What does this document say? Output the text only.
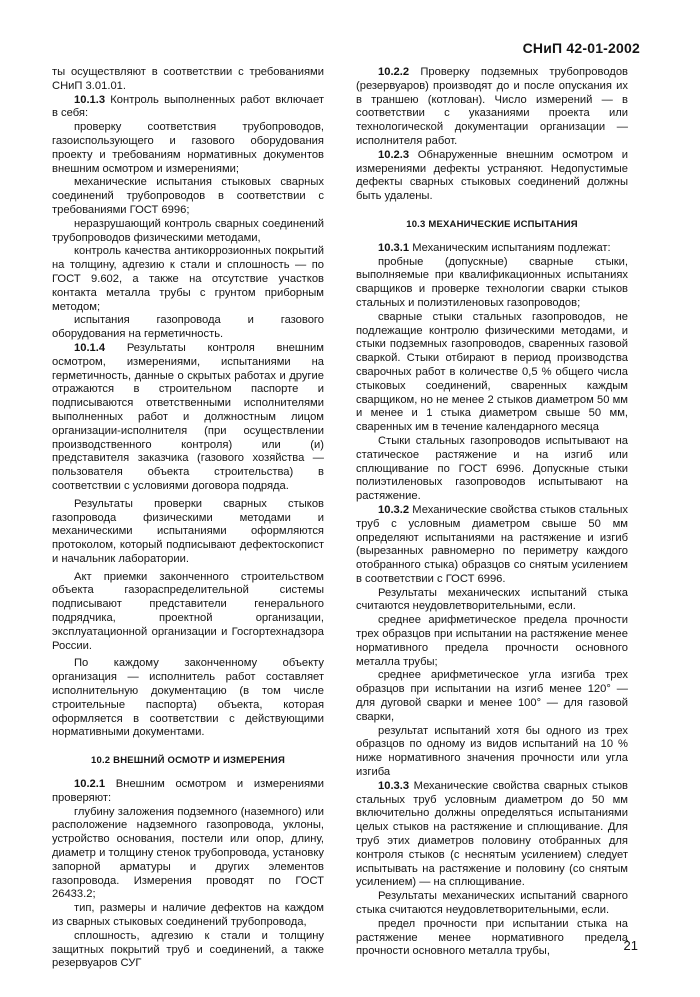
СНиП 42-01-2002

ты осуществляют в соответствии с требованиями СНиП 3.01.01.

10.1.3 Контроль выполненных работ включает в себя:

проверку соответствия трубопроводов, газоиспользующего и газового оборудования проекту и требованиям нормативных документов внешним осмотром и измерениями;

механические испытания стыковых сварных соединений трубопроводов в соответствии с требованиями ГОСТ 6996;

неразрушающий контроль сварных соединений трубопроводов физическими методами,

контроль качества антикоррозионных покрытий на толщину, адгезию к стали и сплошность — по ГОСТ 9.602, а также на отсутствие участков контакта металла трубы с грунтом приборным методом;

испытания газопровода и газового оборудования на герметичность.

10.1.4 Результаты контроля внешним осмотром, измерениями, испытаниями на герметичность, данные о скрытых работах и другие отражаются в строительном паспорте и подписываются ответственными исполнителями выполненных работ и должностным лицом организации-исполнителя (при осуществлении производственного контроля) или (и) представителя заказчика (газового хозяйства — пользователя объекта строительства) в соответствии с условиями договора подряда.

Результаты проверки сварных стыков газопровода физическими методами и механическими испытаниями оформляются протоколом, который подписывают дефектоскопист и начальник лаборатории.

Акт приемки законченного строительством объекта газораспределительной системы подписывают представители генерального подрядчика, проектной организации, эксплуатационной организации и Госгортехнадзора России.

По каждому законченному объекту организация — исполнитель работ составляет исполнительную документацию (в том числе строительные паспорта) объекта, которая оформляется в соответствии с действующими нормативными документами.

10.2 ВНЕШНИЙ ОСМОТР И ИЗМЕРЕНИЯ

10.2.1 Внешним осмотром и измерениями проверяют:

глубину заложения подземного (наземного) или расположение надземного газопровода, уклоны, устройство основания, постели или опор, длину, диаметр и толщину стенок трубопровода, установку запорной арматуры и других элементов газопровода. Измерения проводят по ГОСТ 26433.2;

тип, размеры и наличие дефектов на каждом из сварных стыковых соединений трубопровода,

сплошность, адгезию к стали и толщину защитных покрытий труб и соединений, а также резервуаров СУГ

10.2.2 Проверку подземных трубопроводов (резервуаров) производят до и после опускания их в траншею (котлован). Число измерений — в соответствии с указаниями проекта или технологической документации организации — исполнителя работ.

10.2.3 Обнаруженные внешним осмотром и измерениями дефекты устраняют. Недопустимые дефекты сварных стыковых соединений должны быть удалены.

10.3 МЕХАНИЧЕСКИЕ ИСПЫТАНИЯ

10.3.1 Механическим испытаниям подлежат:

пробные (допускные) сварные стыки, выполняемые при квалификационных испытаниях сварщиков и проверке технологии сварки стыков стальных и полиэтиленовых газопроводов;

сварные стыки стальных газопроводов, не подлежащие контролю физическими методами, и стыки подземных газопроводов, сваренных газовой сваркой. Стыки отбирают в период производства сварочных работ в количестве 0,5 % общего числа стыковых соединений, сваренных каждым сварщиком, но не менее 2 стыков диаметром 50 мм и менее и 1 стыка диаметром свыше 50 мм, сваренных им в течение календарного месяца

Стыки стальных газопроводов испытывают на статическое растяжение и на изгиб или сплющивание по ГОСТ 6996. Допускные стыки полиэтиленовых газопроводов испытывают на растяжение.

10.3.2 Механические свойства стыков стальных труб с условным диаметром свыше 50 мм определяют испытаниями на растяжение и изгиб (вырезанных равномерно по периметру каждого отобранного стыка) образцов со снятым усилением в соответствии с ГОСТ 6996.

Результаты механических испытаний стыка считаются неудовлетворительными, если.

среднее арифметическое предела прочности трех образцов при испытании на растяжение менее нормативного предела прочности основного металла трубы;

среднее арифметическое угла изгиба трех образцов при испытании на изгиб менее 120° — для дуговой сварки и менее 100° — для газовой сварки,

результат испытаний хотя бы одного из трех образцов по одному из видов испытаний на 10 % ниже нормативного значения прочности или угла изгиба

10.3.3 Механические свойства сварных стыков стальных труб условным диаметром до 50 мм включительно должны определяться испытаниями целых стыков на растяжение и сплющивание. Для труб этих диаметров половину отобранных для контроля стыков (с неснятым усилением) следует испытывать на растяжение и половину (со снятым усилением) — на сплющивание.

Результаты механических испытаний сварного стыка считаются неудовлетворительными, если.

предел прочности при испытании стыка на растяжение менее нормативного предела прочности основного металла трубы,	21
